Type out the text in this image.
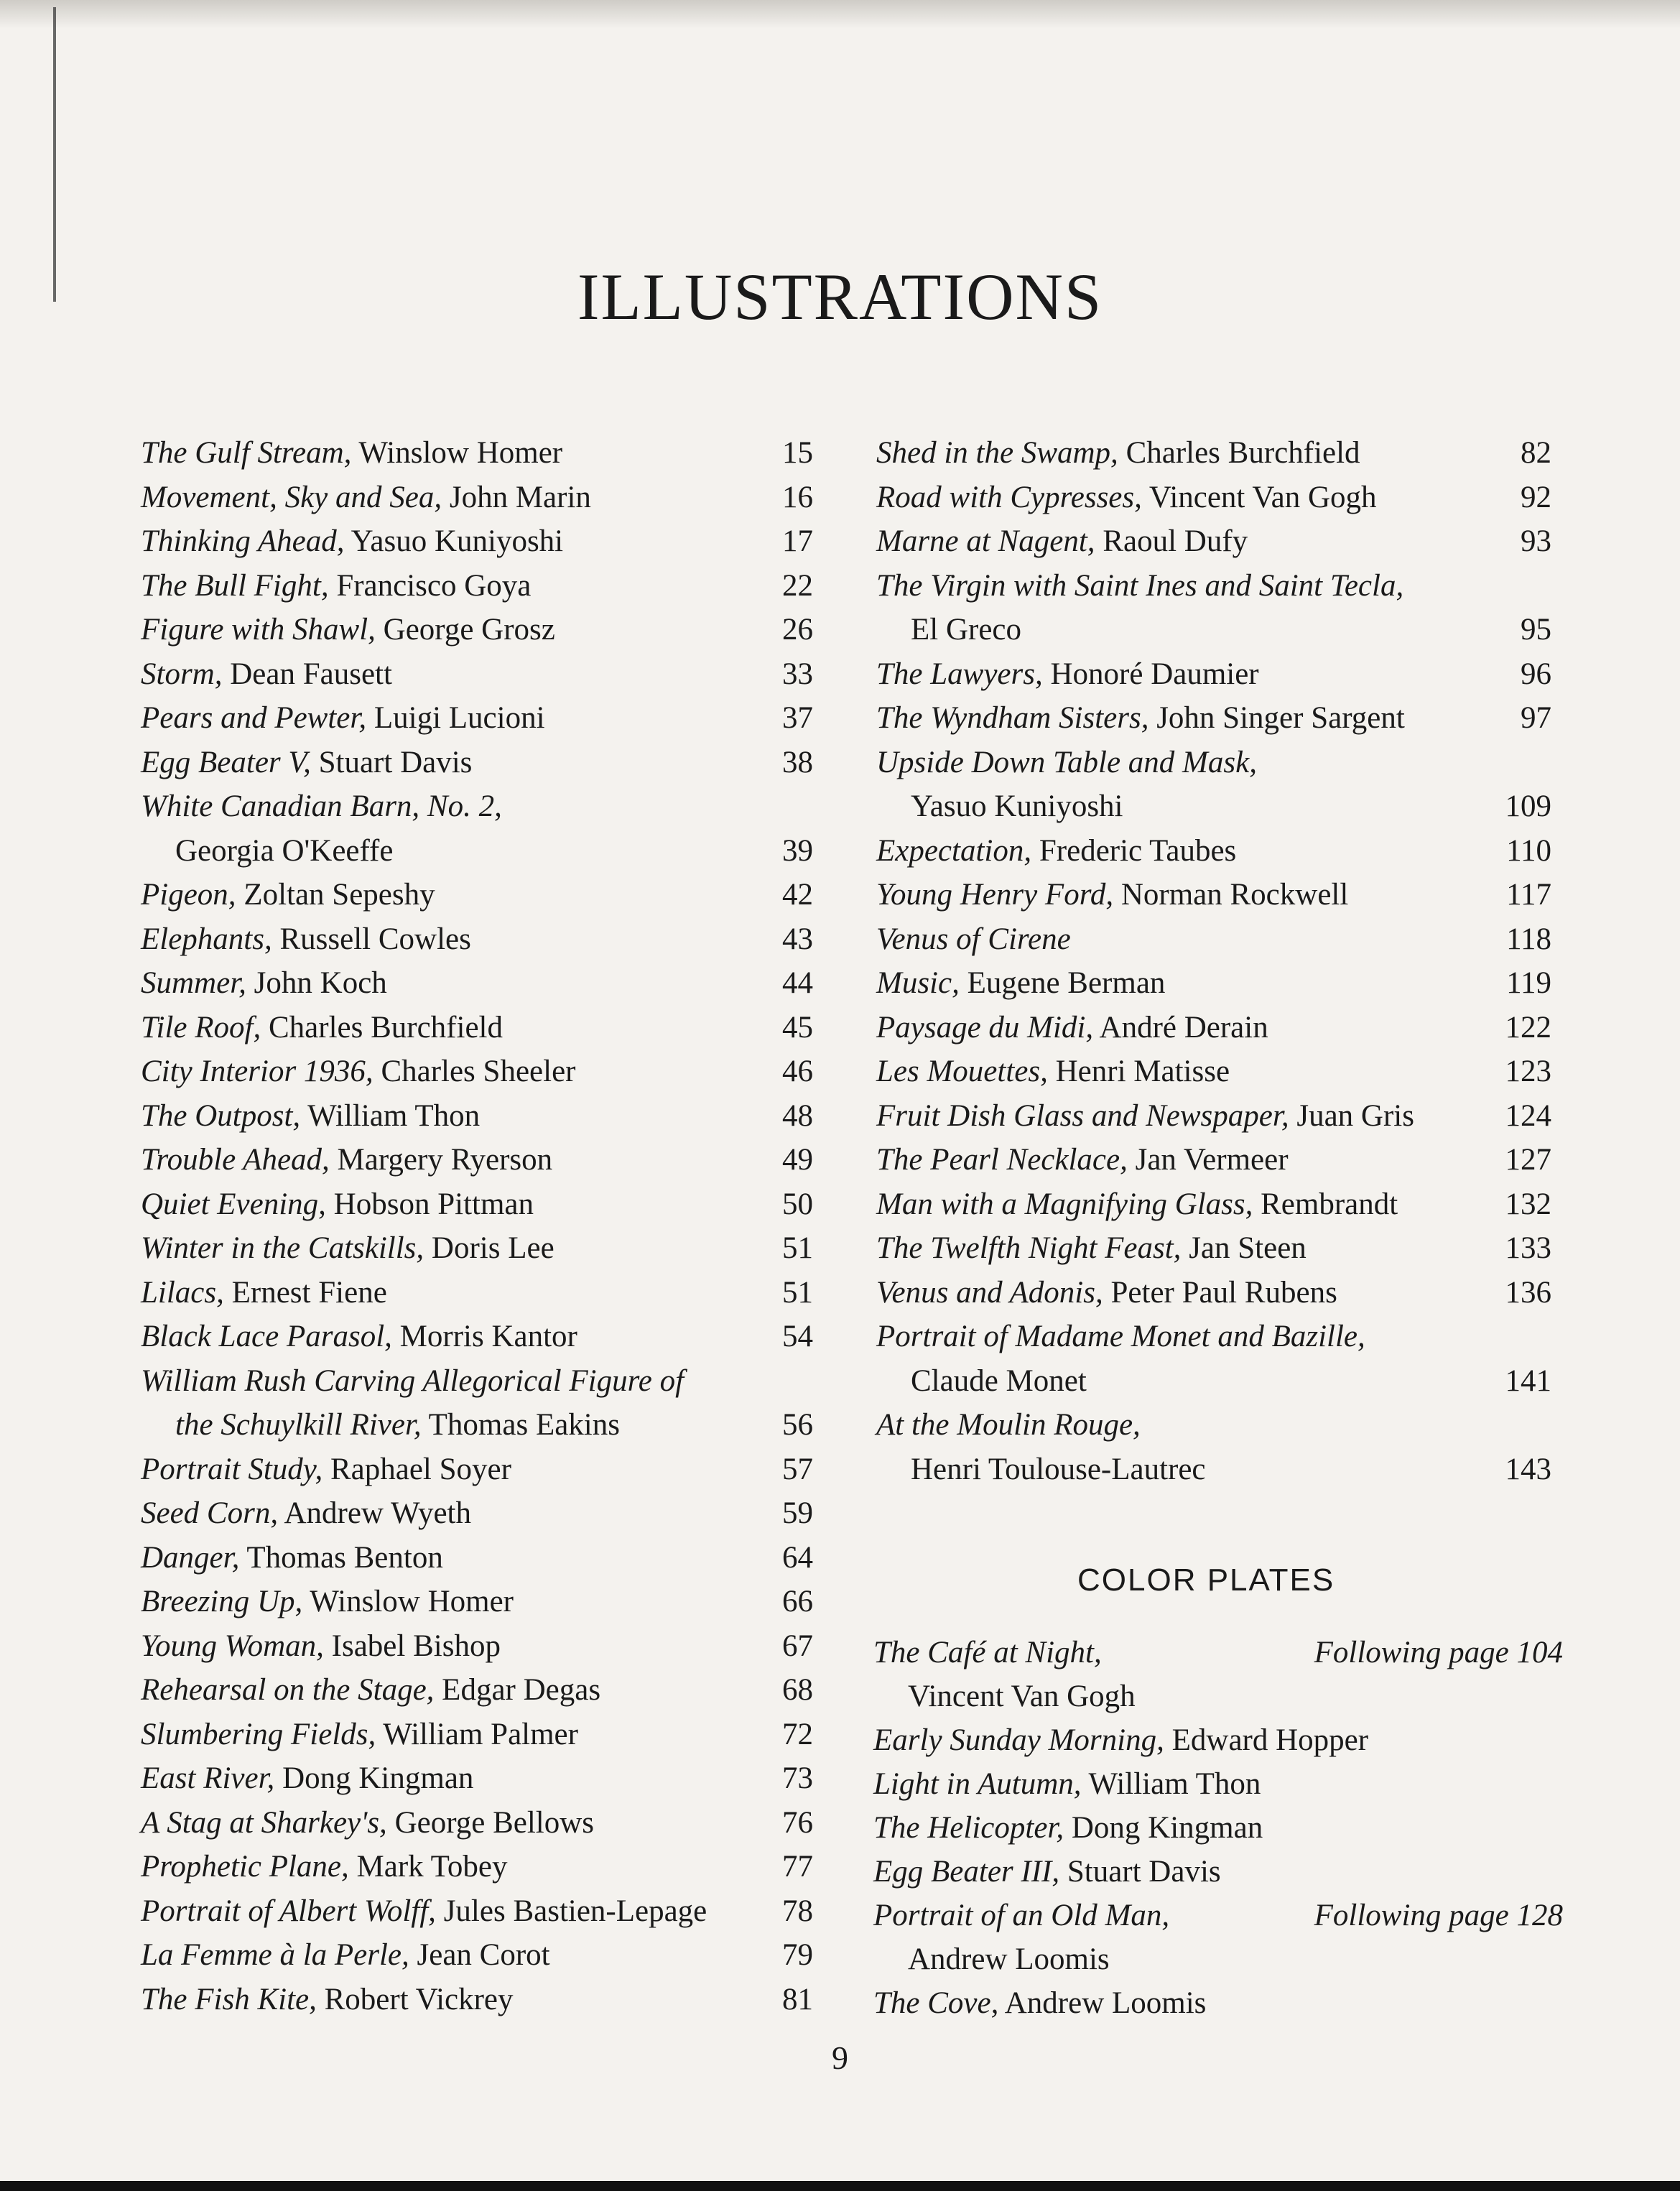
ILLUSTRATIONS
The Gulf Stream, Winslow Homer	15
Movement, Sky and Sea, John Marin	16
Thinking Ahead, Yasuo Kuniyoshi	17
The Bull Fight, Francisco Goya	22
Figure with Shawl, George Grosz	26
Storm, Dean Fausett	33
Pears and Pewter, Luigi Lucioni	37
Egg Beater V, Stuart Davis	38
White Canadian Barn, No. 2,
Georgia O'Keeffe	39
Pigeon, Zoltan Sepeshy	42
Elephants, Russell Cowles	43
Summer, John Koch	44
Tile Roof, Charles Burchfield	45
City Interior 1936, Charles Sheeler	46
The Outpost, William Thon	48
Trouble Ahead, Margery Ryerson	49
Quiet Evening, Hobson Pittman	50
Winter in the Catskills, Doris Lee	51
Lilacs, Ernest Fiene	51
Black Lace Parasol, Morris Kantor	54
William Rush Carving Allegorical Figure of
the Schuylkill River, Thomas Eakins	56
Portrait Study, Raphael Soyer	57
Seed Corn, Andrew Wyeth	59
Danger, Thomas Benton	64
Breezing Up, Winslow Homer	66
Young Woman, Isabel Bishop	67
Rehearsal on the Stage, Edgar Degas	68
Slumbering Fields, William Palmer	72
East River, Dong Kingman	73
A Stag at Sharkey's, George Bellows	76
Prophetic Plane, Mark Tobey	77
Portrait of Albert Wolff, Jules Bastien-Lepage	78
La Femme à la Perle, Jean Corot	79
The Fish Kite, Robert Vickrey	81
Shed in the Swamp, Charles Burchfield	82
Road with Cypresses, Vincent Van Gogh	92
Marne at Nagent, Raoul Dufy	93
The Virgin with Saint Ines and Saint Tecla,
El Greco	95
The Lawyers, Honoré Daumier	96
The Wyndham Sisters, John Singer Sargent	97
Upside Down Table and Mask,
Yasuo Kuniyoshi	109
Expectation, Frederic Taubes	110
Young Henry Ford, Norman Rockwell	117
Venus of Cirene	118
Music, Eugene Berman	119
Paysage du Midi, André Derain	122
Les Mouettes, Henri Matisse	123
Fruit Dish Glass and Newspaper, Juan Gris	124
The Pearl Necklace, Jan Vermeer	127
Man with a Magnifying Glass, Rembrandt	132
The Twelfth Night Feast, Jan Steen	133
Venus and Adonis, Peter Paul Rubens	136
Portrait of Madame Monet and Bazille,
Claude Monet	141
At the Moulin Rouge,
Henri Toulouse-Lautrec	143
COLOR PLATES
The Café at Night,	Following page 104
Vincent Van Gogh
Early Sunday Morning, Edward Hopper
Light in Autumn, William Thon
The Helicopter, Dong Kingman
Egg Beater III, Stuart Davis
Portrait of an Old Man,	Following page 128
Andrew Loomis
The Cove, Andrew Loomis
9
